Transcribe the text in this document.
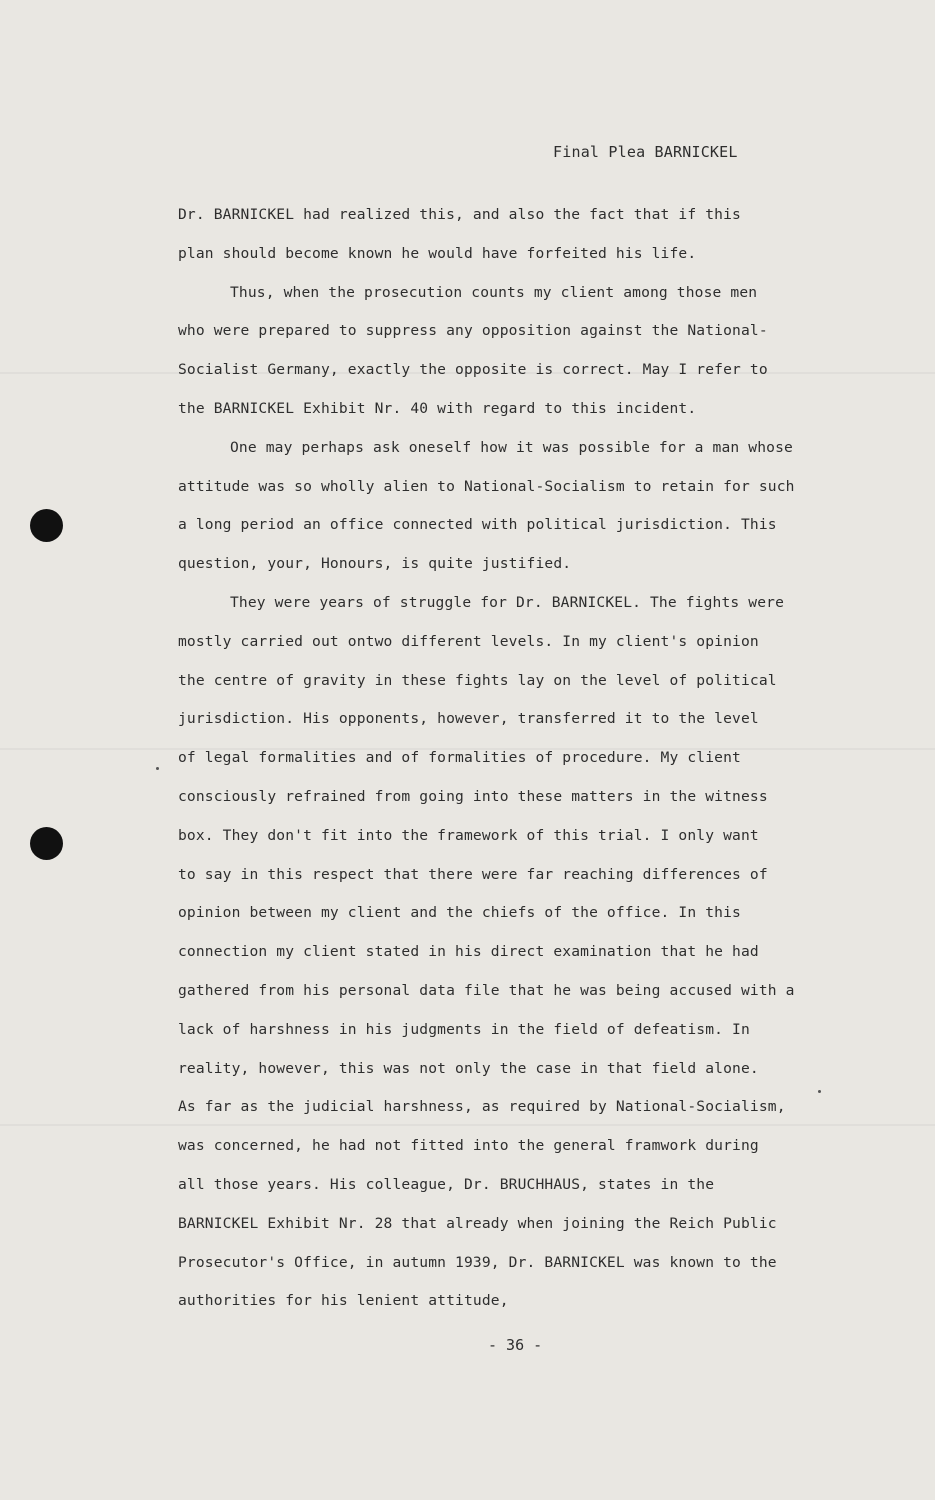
Final Plea BARNICKEL
Dr. BARNICKEL had realized this, and also the fact that if this
plan should become known he would have forfeited his life.
Thus, when the prosecution counts my client among those men
who were prepared to suppress any opposition against the National-
Socialist Germany, exactly the opposite is correct. May I refer to
the BARNICKEL Exhibit Nr. 40 with regard to this incident.
One may perhaps ask oneself how it was possible for a man whose
attitude was so wholly alien to National-Socialism to retain for such
a long period an office connected with political jurisdiction. This
question, your, Honours, is quite justified.
They were years of struggle for Dr. BARNICKEL. The fights were
mostly carried out ontwo different levels. In my client's opinion
the centre of gravity in these fights lay on the level of political
jurisdiction. His opponents, however, transferred it to the level
of legal formalities and of formalities of procedure. My client
consciously refrained from going into these matters in the witness
box. They don't fit into the framework of this trial. I only want
to say in this respect that there were far reaching differences of
opinion between my client and the chiefs of the office. In this
connection my client stated in his direct examination that he had
gathered from his personal data file that he was being accused with a
lack of harshness in his judgments in the field of defeatism. In
reality, however, this was not only the case in that field alone.
As far as the judicial harshness, as required by National-Socialism,
was concerned, he had not fitted into the general framwork during
all those years. His colleague, Dr. BRUCHHAUS, states in the
BARNICKEL Exhibit Nr. 28 that already when joining the Reich Public
Prosecutor's Office, in autumn 1939, Dr. BARNICKEL was known to the
authorities for his lenient attitude,
- 36 -
